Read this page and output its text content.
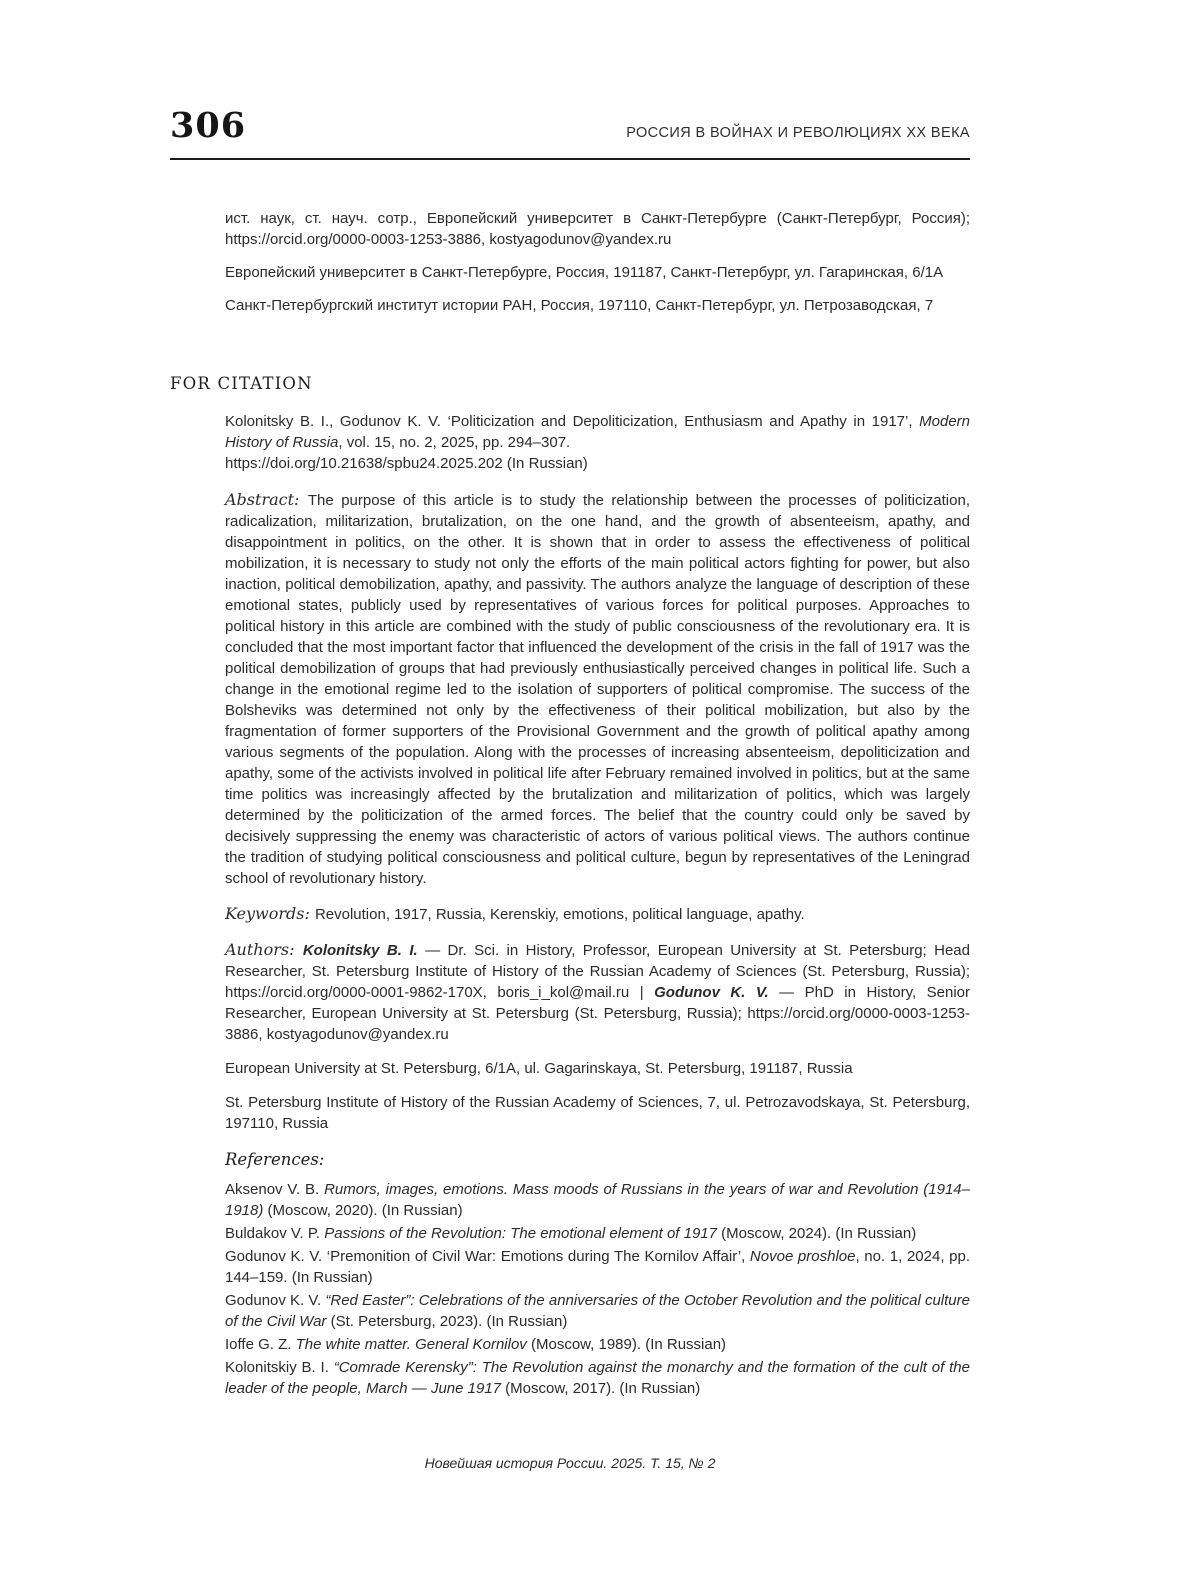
306	РОССИЯ В ВОЙНАХ И РЕВОЛЮЦИЯХ XX ВЕКА

ист. наук, ст. науч. сотр., Европейский университет в Санкт-Петербурге (Санкт-Петербург, Россия); https://orcid.org/0000-0003-1253-3886, kostyagodunov@yandex.ru

Европейский университет в Санкт-Петербурге, Россия, 191187, Санкт-Петербург, ул. Гагаринская, 6/1А

Санкт-Петербургский институт истории РАН, Россия, 197110, Санкт-Петербург, ул. Петрозаводская, 7

FOR CITATION

Kolonitsky B. I., Godunov K. V. ‘Politicization and Depoliticization, Enthusiasm and Apathy in 1917’, Modern History of Russia, vol. 15, no. 2, 2025, pp. 294–307.
https://doi.org/10.21638/spbu24.2025.202 (In Russian)

Abstract: The purpose of this article is to study the relationship between the processes of politicization, radicalization, militarization, brutalization, on the one hand, and the growth of absenteeism, apathy, and disappointment in politics, on the other. It is shown that in order to assess the effectiveness of political mobilization, it is necessary to study not only the efforts of the main political actors fighting for power, but also inaction, political demobilization, apathy, and passivity. The authors analyze the language of description of these emotional states, publicly used by representatives of various forces for political purposes. Approaches to political history in this article are combined with the study of public consciousness of the revolutionary era. It is concluded that the most important factor that influenced the development of the crisis in the fall of 1917 was the political demobilization of groups that had previously enthusiastically perceived changes in political life. Such a change in the emotional regime led to the isolation of supporters of political compromise. The success of the Bolsheviks was determined not only by the effectiveness of their political mobilization, but also by the fragmentation of former supporters of the Provisional Government and the growth of political apathy among various segments of the population. Along with the processes of increasing absenteeism, depoliticization and apathy, some of the activists involved in political life after February remained involved in politics, but at the same time politics was increasingly affected by the brutalization and militarization of politics, which was largely determined by the politicization of the armed forces. The belief that the country could only be saved by decisively suppressing the enemy was characteristic of actors of various political views. The authors continue the tradition of studying political consciousness and political culture, begun by representatives of the Leningrad school of revolutionary history.

Keywords: Revolution, 1917, Russia, Kerenskiy, emotions, political language, apathy.

Authors: Kolonitsky B. I. — Dr. Sci. in History, Professor, European University at St. Petersburg; Head Researcher, St. Petersburg Institute of History of the Russian Academy of Sciences (St. Petersburg, Russia); https://orcid.org/0000-0001-9862-170X, boris_i_kol@mail.ru | Godunov K. V. — PhD in History, Senior Researcher, European University at St. Petersburg (St. Petersburg, Russia); https://orcid.org/0000-0003-1253-3886, kostyagodunov@yandex.ru

European University at St. Petersburg, 6/1A, ul. Gagarinskaya, St. Petersburg, 191187, Russia

St. Petersburg Institute of History of the Russian Academy of Sciences, 7, ul. Petrozavodskaya, St. Petersburg, 197110, Russia

References:

Aksenov V. B. Rumors, images, emotions. Mass moods of Russians in the years of war and Revolution (1914–1918) (Moscow, 2020). (In Russian)

Buldakov V. P. Passions of the Revolution: The emotional element of 1917 (Moscow, 2024). (In Russian)

Godunov K. V. ‘Premonition of Civil War: Emotions during The Kornilov Affair’, Novoe proshloe, no. 1, 2024, pp. 144–159. (In Russian)

Godunov K. V. “Red Easter”: Celebrations of the anniversaries of the October Revolution and the political culture of the Civil War (St. Petersburg, 2023). (In Russian)

Ioffe G. Z. The white matter. General Kornilov (Moscow, 1989). (In Russian)

Kolonitskiy B. I. “Comrade Kerensky”: The Revolution against the monarchy and the formation of the cult of the leader of the people, March — June 1917 (Moscow, 2017). (In Russian)

Новейшая история России. 2025. Т. 15, № 2
